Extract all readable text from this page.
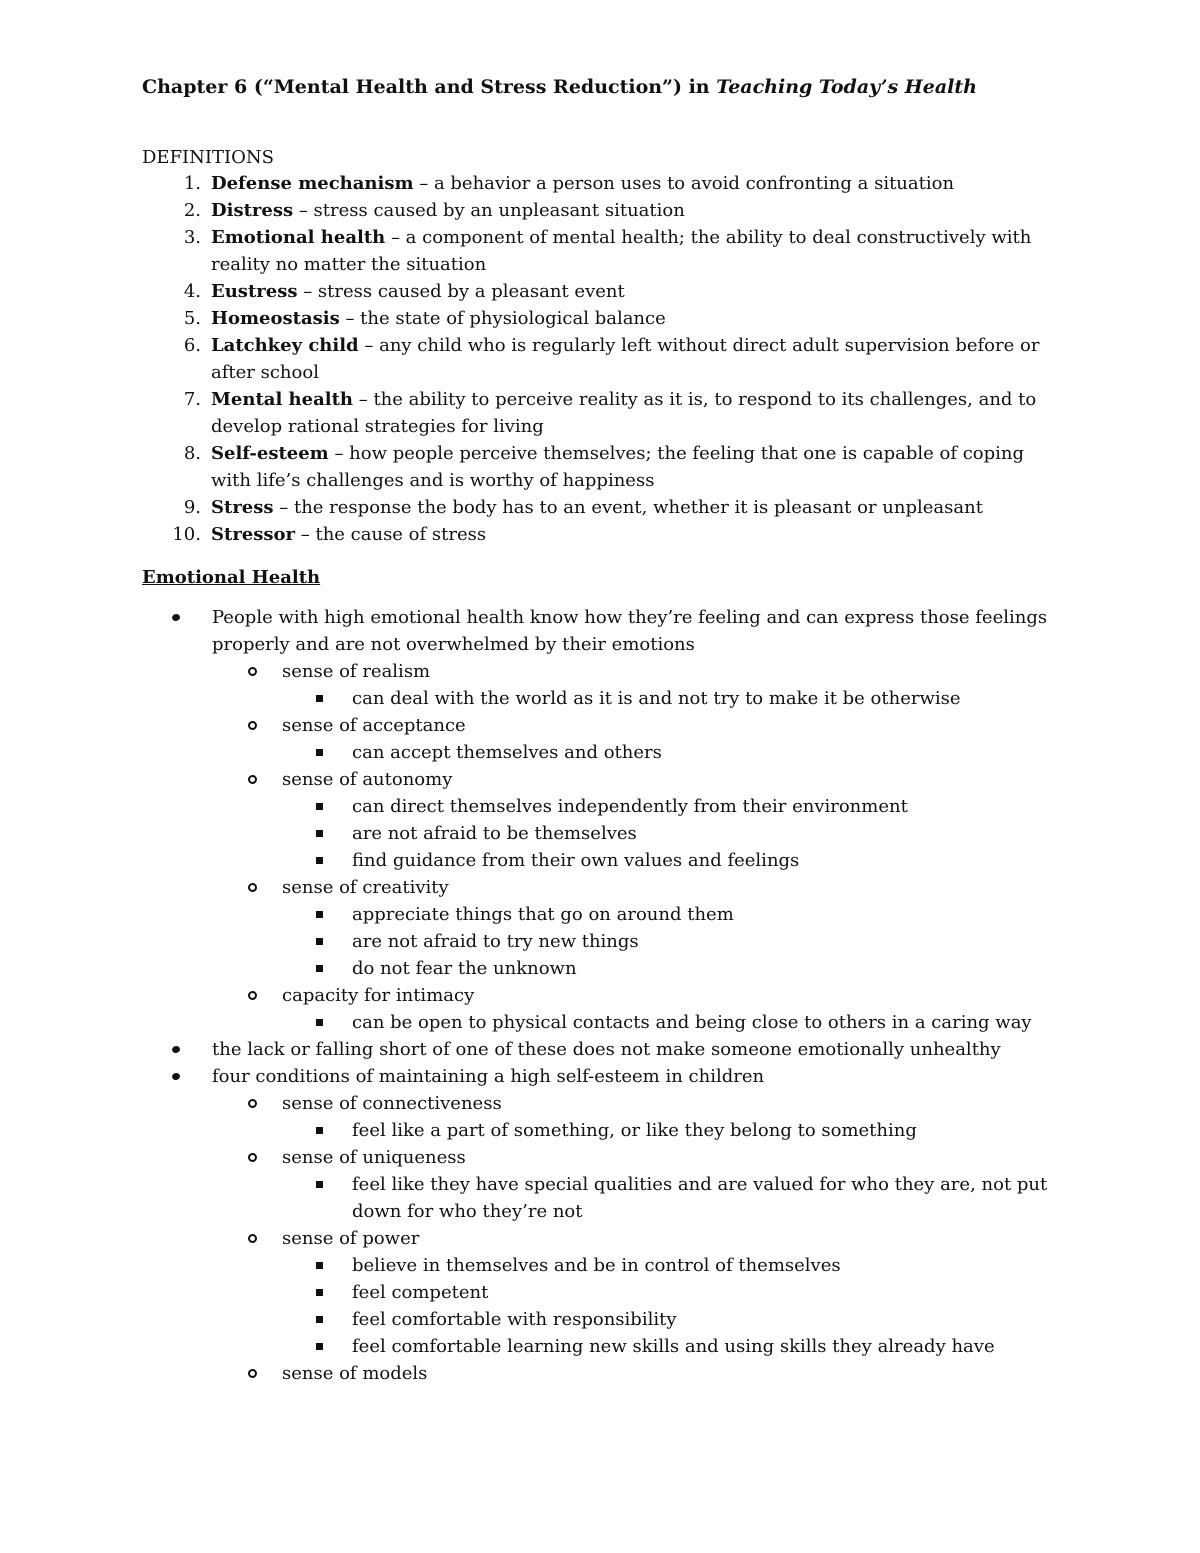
Chapter 6 (“Mental Health and Stress Reduction”) in Teaching Today’s Health
DEFINITIONS
1. Defense mechanism – a behavior a person uses to avoid confronting a situation
2. Distress – stress caused by an unpleasant situation
3. Emotional health – a component of mental health; the ability to deal constructively with reality no matter the situation
4. Eustress – stress caused by a pleasant event
5. Homeostasis – the state of physiological balance
6. Latchkey child – any child who is regularly left without direct adult supervision before or after school
7. Mental health – the ability to perceive reality as it is, to respond to its challenges, and to develop rational strategies for living
8. Self-esteem – how people perceive themselves; the feeling that one is capable of coping with life’s challenges and is worthy of happiness
9. Stress – the response the body has to an event, whether it is pleasant or unpleasant
10. Stressor – the cause of stress
Emotional Health
People with high emotional health know how they’re feeling and can express those feelings properly and are not overwhelmed by their emotions
sense of realism
can deal with the world as it is and not try to make it be otherwise
sense of acceptance
can accept themselves and others
sense of autonomy
can direct themselves independently from their environment
are not afraid to be themselves
find guidance from their own values and feelings
sense of creativity
appreciate things that go on around them
are not afraid to try new things
do not fear the unknown
capacity for intimacy
can be open to physical contacts and being close to others in a caring way
the lack or falling short of one of these does not make someone emotionally unhealthy
four conditions of maintaining a high self-esteem in children
sense of connectiveness
feel like a part of something, or like they belong to something
sense of uniqueness
feel like they have special qualities and are valued for who they are, not put down for who they’re not
sense of power
believe in themselves and be in control of themselves
feel competent
feel comfortable with responsibility
feel comfortable learning new skills and using skills they already have
sense of models
